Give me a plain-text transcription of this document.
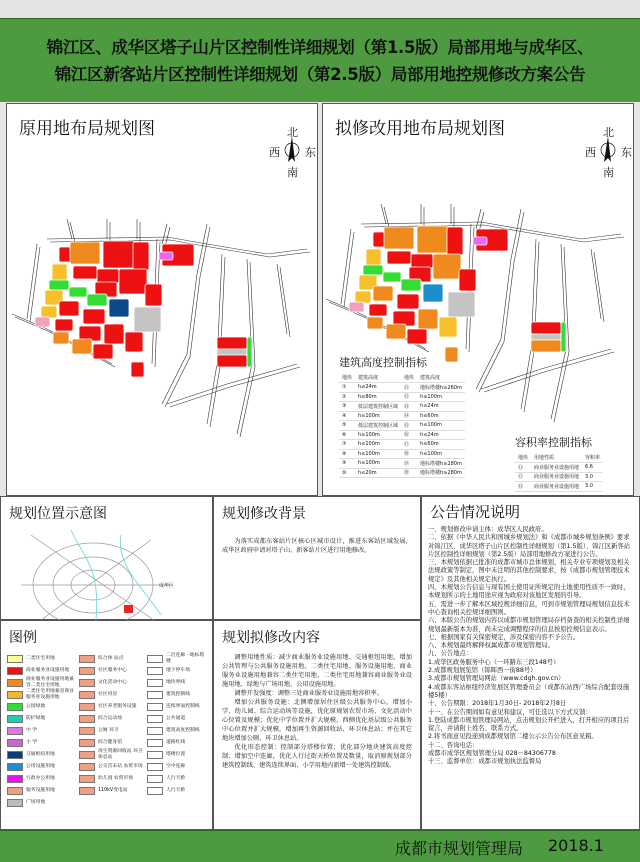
锦江区、成华区塔子山片区控制性详细规划（第1.5版）局部用地与成华区、
锦江区新客站片区控制性详细规划（第2.5版）局部用地控规修改方案公告
原用地布局规划图	北
西 东
南
拟修改用地布局规划图	北
西 东
南
建筑高度控制指标
地块	建筑高度	地块	建筑高度
①	h≤24m	⑪	地标塔楼h≥260m
②	h≤80m	⑫	h≤100m
③	低层建筑控制区域	⑬	h≤24m
④	h≤100m	⑭	h≤60m
⑤	低层建筑控制区域	⑮	h≤100m
⑥	h≤100m	⑯	h≤24m
⑦	h≤100m	⑰	h≤60m
⑧	h≤100m	⑱	h≤100m
⑨	h≤100m	⑲	地标塔楼h≥280m
⑩	h≤20m	⑳	地标塔楼h≥280m
容积率控制指标
地块	用地性质	容积率
⑪	商业服务业设施用地	6.6
⑫	商业服务业设施用地	3.0
⑬	商业服务业设施用地	3.0
规划位置示意图
成华区
规划修改背景

为落实成都东客站片区核心区城市设计，推进东客站区域发展，成华区政府申请对塔子山、新客站片区进行用地修改。

图例
二类住宅用地
商业服务业设施用地
商业服务业设施用地兼容二类住宅用地
二类住宅用地兼容商业服务业设施用地
公园绿地
防护绿地
中 学
小 学
交通枢纽用地
公用设施用地
行政办公用地
服务设施用地
广场用地
综合体 站点
社区服务中心
文化活动中心
社区用房
社区养老服务设施
综合运动场
公厕 环卫
综合健身馆
再生资源回收站 环卫休息站
公交首末站 农贸市场
幼儿园 农贸市场
110kV变电站
二层连廊 · 地标塔楼
地下停车场
地块界线
建筑控制线
连续界面控制线
公共通道
建筑高度控制线
道路红线
塔楼位置
空中连廊
人行天桥
人行天桥
规划拟修改内容

调整用地性质：减少商业服务业设施用地、交通枢纽用地，增加公共管理与公共服务设施用地、二类住宅用地、服务设施用地、商业服务业设施用地兼容二类住宅用地、二类住宅用地兼容商业服务业设施用地、绿地与广场用地、公用设施用地。

调整开发强度：调整三处商业服务业设施用地容积率。

增加公共服务设施：北侧增加居住区级公共服务中心，增加小学、幼儿园、综合运动场等设施，优化原规划农贸市场、文化活动中心位置及规模；优化中学位置并扩大规模，西侧优化基层级公共服务中心位置并扩大规模，增加再生资源回收站、环卫休息站；并在其它地块增加公厕、环卫休息站。

优化形态控制：控制部分塔楼位置；优化部分地块建筑高度控制；增加空中连廊，优化人行过街天桥位置及数量，取消原规划部分建筑控制线、建筑连续界面，小学用地内新增一处建筑控制线。

公告情况说明
一、规划修改申请主体：成华区人民政府。
二、依据《中华人民共和国城乡规划法》和《成都市城乡规划条例》要求对锦江区、成华区塔子山片区控制性详细规划（第1.5版）、锦江区新客站片区控制性详细规划（第2.5版）局部用地修改方案进行公告。
三、本规划依据已批准的成都市城市总体规划，相关专业专项规划及相关法规政策等制定，图中未注明的其他控制要求，按《成都市规划管理技术规定》及其他相关规定执行。
四、本规划公告信息与现有国土使用证所规定的土地使用性质不一致时，本规划所示的土地用途应视为政府对该地区发展的引导。
五、需进一步了解本区域控规详细信息，可到市规划管理局规划信息技术中心查询相关控规详细图则。
六、本版公告的规划内容以成都市规划管理局存档备查的相关控制性详细规划最新版本为准，尚未完成调整程序的信息按原控规信息表示。
七、根据国家有关保密规定，涉及保密内容不予公告。
八、本规划最终解释权属成都市规划管理局。
九、公告地点：
1.成华区政务服务中心（一环路东三段148号）
2.成都规划展览馆（锦晖西一街88号）
3.成都市规划管理局网站（www.cdgh.gov.cn）
4.成都东客站枢纽经济发展区管理委员会（成都东站西广场综合配套设施楼5楼）
十、公告期限：2018年1月30日- 2018年2月8日
十一、在公告期间如有意见和建议，可任选以下方式反馈：
1.登陆成都市规划管理局网站，点击规划公开栏进入，打开相应的项目后留言，并请附上姓名、联系方式。
2.将书面意见投递到成都规划馆二楼公示公告公布区意见箱。
十二、咨询电话：
成都市成华区规划管理分局 028－84306778
十三、监督单位：成都市规划执法监督局
成都市规划管理局 2018.1
